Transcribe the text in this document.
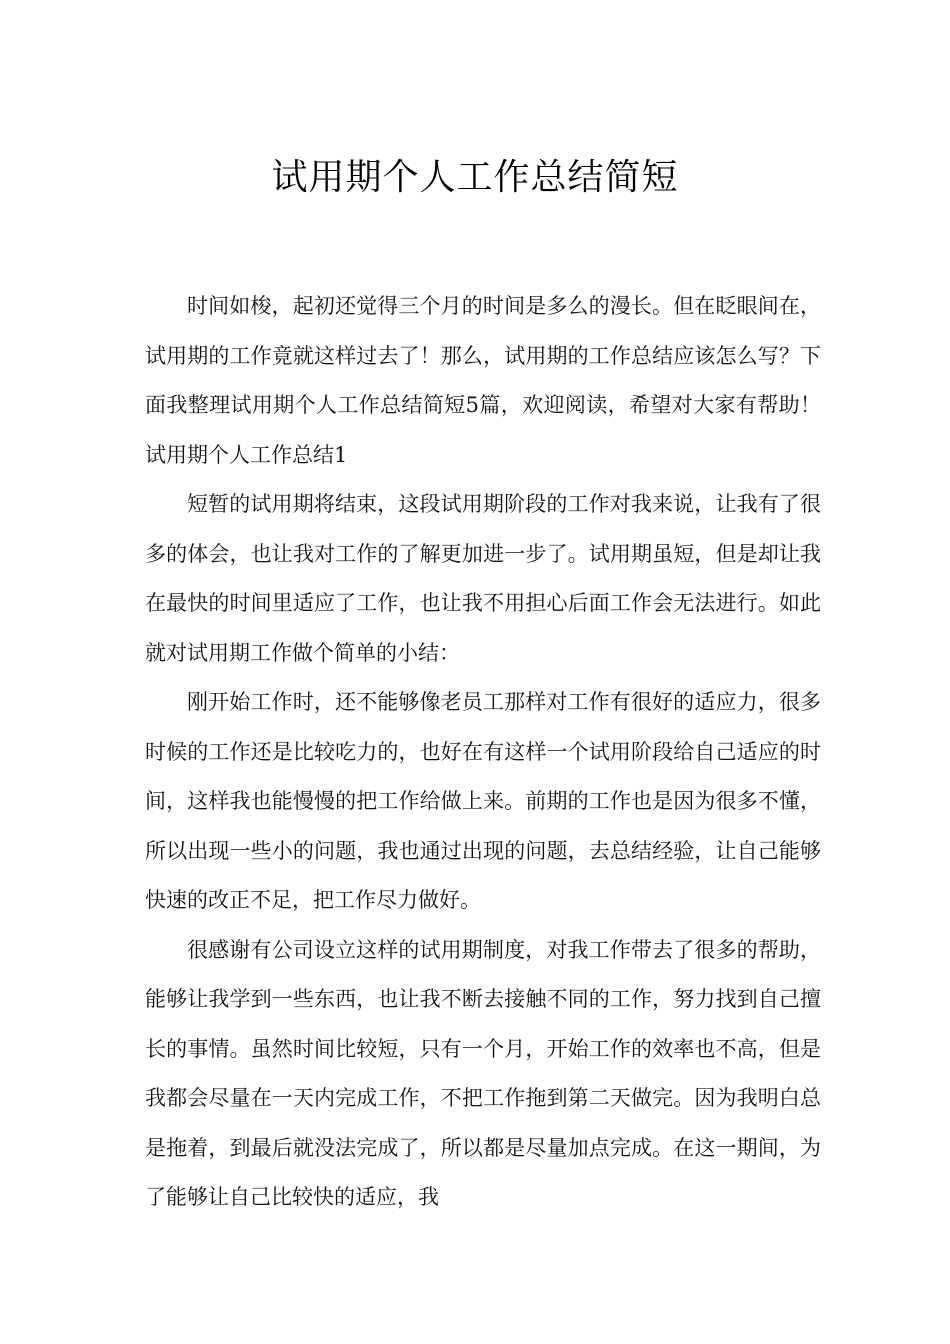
试用期个人工作总结简短

时间如梭，起初还觉得三个月的时间是多么的漫长。但在眨眼间在，试用期的工作竟就这样过去了！那么，试用期的工作总结应该怎么写？下面我整理试用期个人工作总结简短5篇，欢迎阅读，希望对大家有帮助！试用期个人工作总结1

短暂的试用期将结束，这段试用期阶段的工作对我来说，让我有了很多的体会，也让我对工作的了解更加进一步了。试用期虽短，但是却让我在最快的时间里适应了工作，也让我不用担心后面工作会无法进行。如此就对试用期工作做个简单的小结：

刚开始工作时，还不能够像老员工那样对工作有很好的适应力，很多时候的工作还是比较吃力的，也好在有这样一个试用阶段给自己适应的时间，这样我也能慢慢的把工作给做上来。前期的工作也是因为很多不懂，所以出现一些小的问题，我也通过出现的问题，去总结经验，让自己能够快速的改正不足，把工作尽力做好。

很感谢有公司设立这样的试用期制度，对我工作带去了很多的帮助，能够让我学到一些东西，也让我不断去接触不同的工作，努力找到自己擅长的事情。虽然时间比较短，只有一个月，开始工作的效率也不高，但是我都会尽量在一天内完成工作，不把工作拖到第二天做完。因为我明白总是拖着，到最后就没法完成了，所以都是尽量加点完成。在这一期间，为了能够让自己比较快的适应，我
